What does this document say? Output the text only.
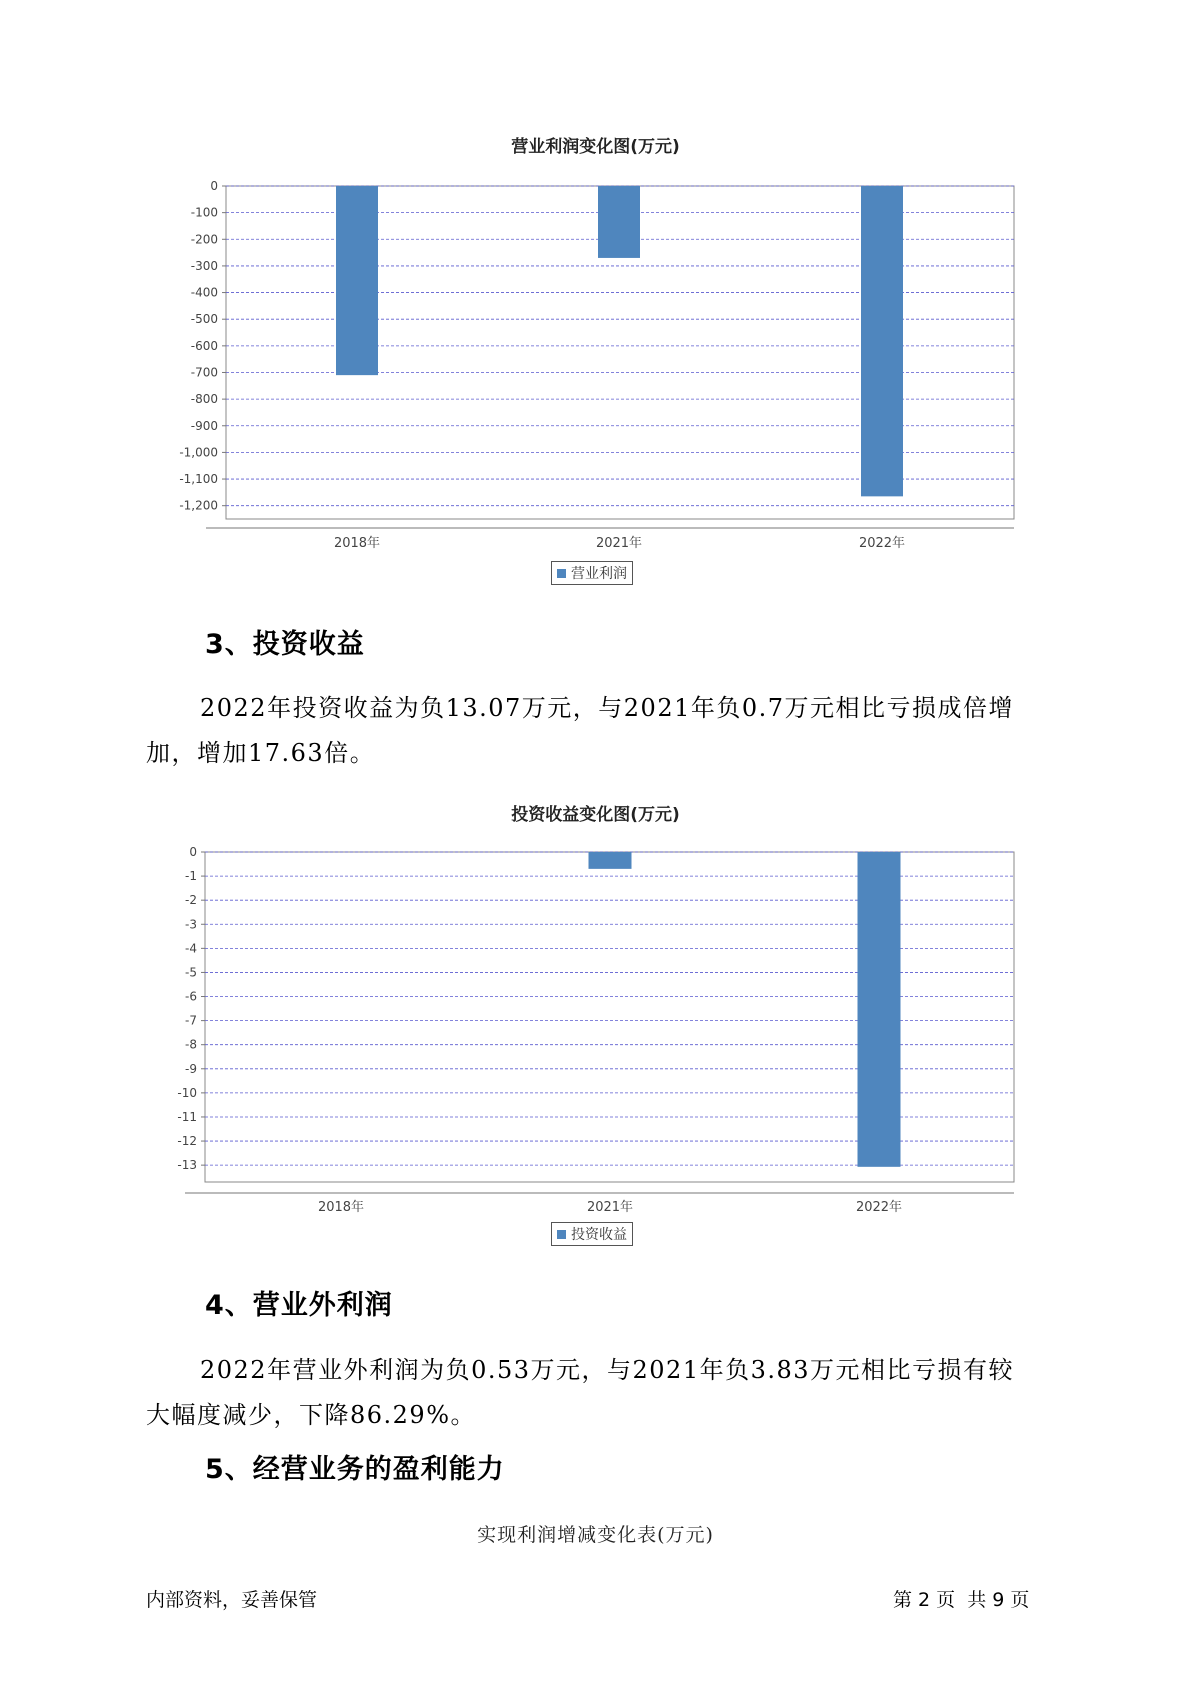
营业利润变化图(万元)
0
-100
-200
-300
-400
-500
-600
-700
-800
-900
-1,000
-1,100
-1,200
2018年	2021年	2022年
营业利润
3、投资收益
2022年投资收益为负13.07万元，与2021年负0.7万元相比亏损成倍增
加，增加17.63倍。
投资收益变化图(万元)
0
-1
-2
-3
-4
-5
-6
-7
-8
-9
-10
-11
-12
-13
2018年	2021年	2022年
投资收益
4、营业外利润
2022年营业外利润为负0.53万元，与2021年负3.83万元相比亏损有较
大幅度减少，下降86.29%。
5、经营业务的盈利能力
实现利润增减变化表(万元)
内部资料，妥善保管	第 2 页  共 9 页
